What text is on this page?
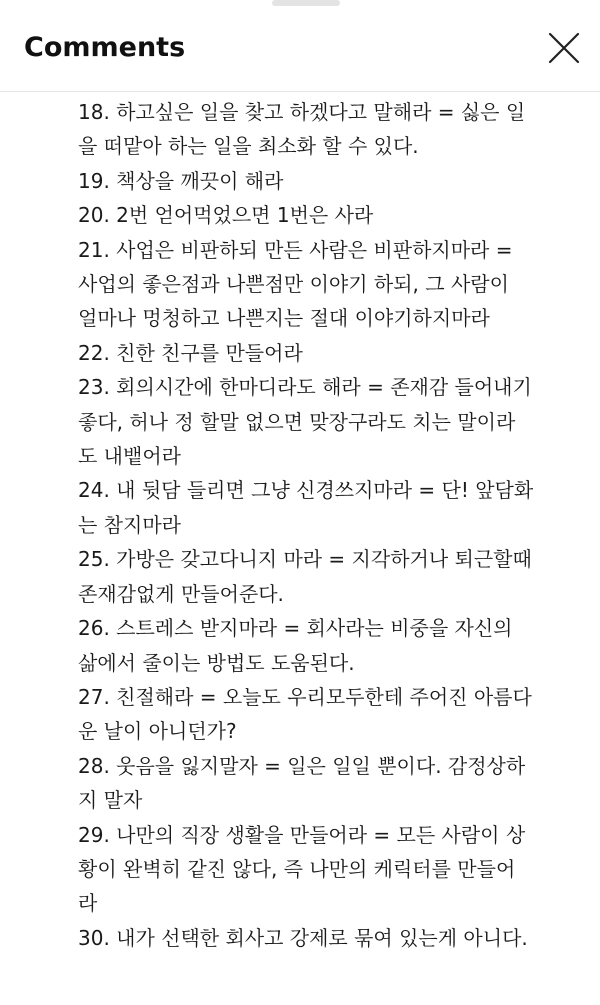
Comments

18. 하고싶은 일을 찾고 하겠다고 말해라 = 싫은 일

을 떠맡아 하는 일을 최소화 할 수 있다.

19. 책상을 깨끗이 해라

20. 2번 얻어먹었으면 1번은 사라

21. 사업은 비판하되 만든 사람은 비판하지마라 =

사업의 좋은점과 나쁜점만 이야기 하되, 그 사람이

얼마나 멍청하고 나쁜지는 절대 이야기하지마라

22. 친한 친구를 만들어라

23. 회의시간에 한마디라도 해라 = 존재감 들어내기

좋다, 허나 정 할말 없으면 맞장구라도 치는 말이라

도 내뱉어라

24. 내 뒷담 들리면 그냥 신경쓰지마라 = 단! 앞담화

는 참지마라

25. 가방은 갖고다니지 마라 = 지각하거나 퇴근할때

존재감없게 만들어준다.

26. 스트레스 받지마라 = 회사라는 비중을 자신의

삶에서 줄이는 방법도 도움된다.

27. 친절해라 = 오늘도 우리모두한테 주어진 아름다

운 날이 아니던가?

28. 웃음을 잃지말자 = 일은 일일 뿐이다. 감정상하

지 말자

29. 나만의 직장 생활을 만들어라 = 모든 사람이 상

황이 완벽히 같진 않다, 즉 나만의 케릭터를 만들어

라

30. 내가 선택한 회사고 강제로 묶여 있는게 아니다.
